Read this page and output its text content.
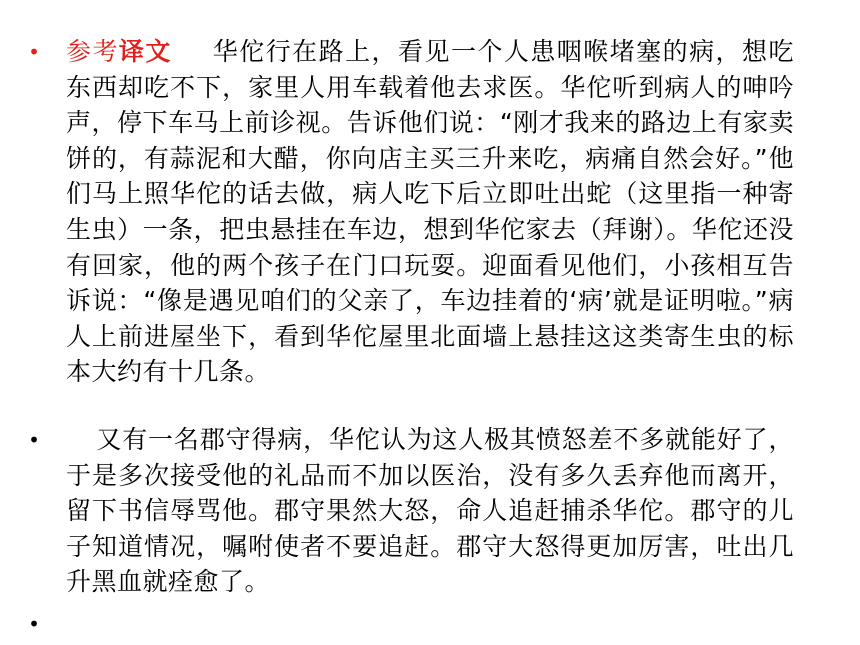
• 参考译文 华佗行在路上，看见一个人患咽喉堵塞的病，想吃东西却吃不下，家里人用车载着他去求医。华佗听到病人的呻吟声，停下车马上前诊视。告诉他们说：“刚才我来的路边上有家卖饼的，有蒜泥和大醋，你向店主买三升来吃，病痛自然会好。”他们马上照华佗的话去做，病人吃下后立即吐出蛇（这里指一种寄生虫）一条，把虫悬挂在车边，想到华佗家去（拜谢）。华佗还没有回家，他的两个孩子在门口玩耍。迎面看见他们，小孩相互告诉说：“像是遇见咱们的父亲了，车边挂着的‘病’就是证明啦。”病人上前进屋坐下，看到华佗屋里北面墙上悬挂这这类寄生虫的标本大约有十几条。

•	又有一名郡守得病，华佗认为这人极其愤怒差不多就能好了，于是多次接受他的礼品而不加以医治，没有多久丢弃他而离开，留下书信辱骂他。郡守果然大怒，命人追赶捕杀华佗。郡守的儿子知道情况，嘱咐使者不要追赶。郡守大怒得更加厉害，吐出几升黑血就痊愈了。

•
